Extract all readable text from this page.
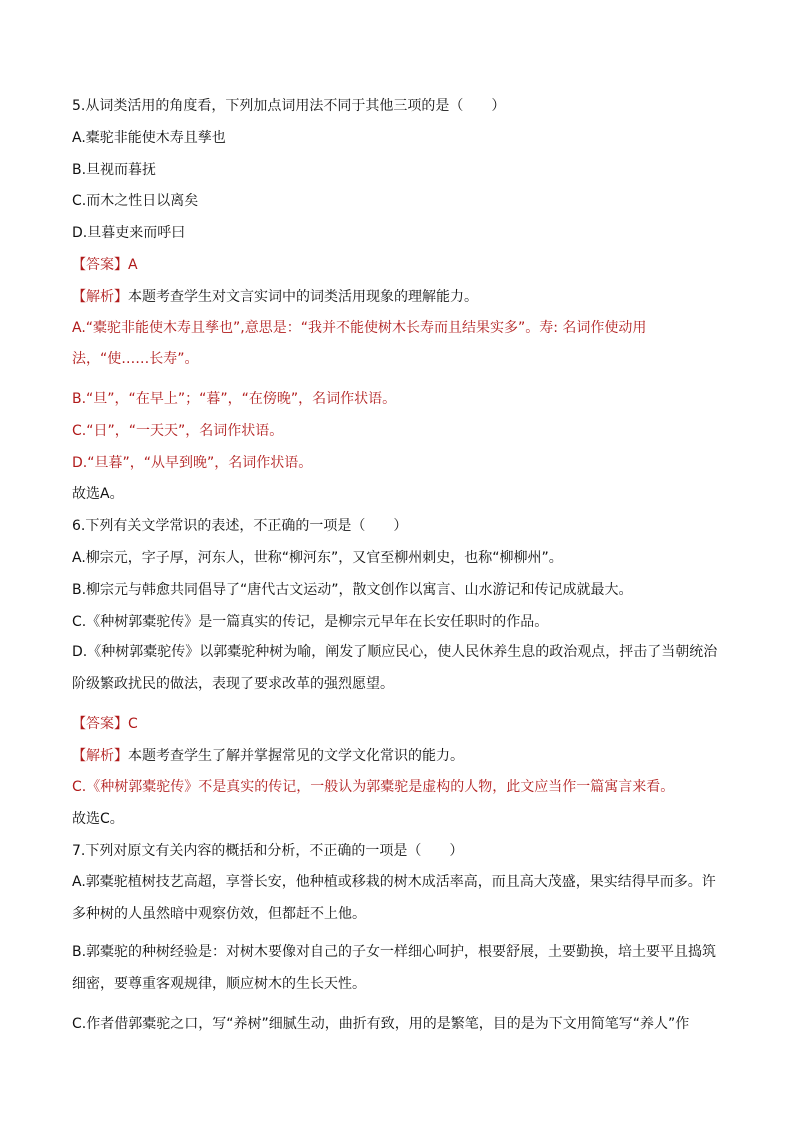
5.从词类活用的角度看，下列加点词用法不同于其他三项的是（　　）
A.橐驼非能使木寿且孳也
B.旦视而暮抚
C.而木之性日以离矣
D.旦暮吏来而呼曰
【答案】A
【解析】本题考查学生对文言实词中的词类活用现象的理解能力。
A.“橐驼非能使木寿且孳也”,意思是：“我并不能使树木长寿而且结果实多”。寿: 名词作使动用法，“使……长寿”。
B.“旦”，“在早上”；“暮”，“在傍晚”，名词作状语。
C.“日”，“一天天”，名词作状语。
D.“旦暮”，“从早到晚”，名词作状语。
故选A。
6.下列有关文学常识的表述，不正确的一项是（　　）
A.柳宗元，字子厚，河东人，世称“柳河东”，又官至柳州刺史，也称“柳柳州”。
B.柳宗元与韩愈共同倡导了“唐代古文运动”，散文创作以寓言、山水游记和传记成就最大。
C.《种树郭橐驼传》是一篇真实的传记，是柳宗元早年在长安任职时的作品。
D.《种树郭橐驼传》以郭橐驼种树为喻，阐发了顺应民心，使人民休养生息的政治观点，抨击了当朝统治阶级繁政扰民的做法，表现了要求改革的强烈愿望。
【答案】C
【解析】本题考查学生了解并掌握常见的文学文化常识的能力。
C.《种树郭橐驼传》不是真实的传记，一般认为郭橐驼是虚构的人物，此文应当作一篇寓言来看。
故选C。
7.下列对原文有关内容的概括和分析，不正确的一项是（　　）
A.郭橐驼植树技艺高超，享誉长安，他种植或移栽的树木成活率高，而且高大茂盛，果实结得早而多。许多种树的人虽然暗中观察仿效，但都赶不上他。
B.郭橐驼的种树经验是：对树木要像对自己的子女一样细心呵护，根要舒展，土要勤换，培土要平且捣筑细密，要尊重客观规律，顺应树木的生长天性。
C.作者借郭橐驼之口，写“养树”细腻生动，曲折有致，用的是繁笔，目的是为下文用简笔写“养人”作
